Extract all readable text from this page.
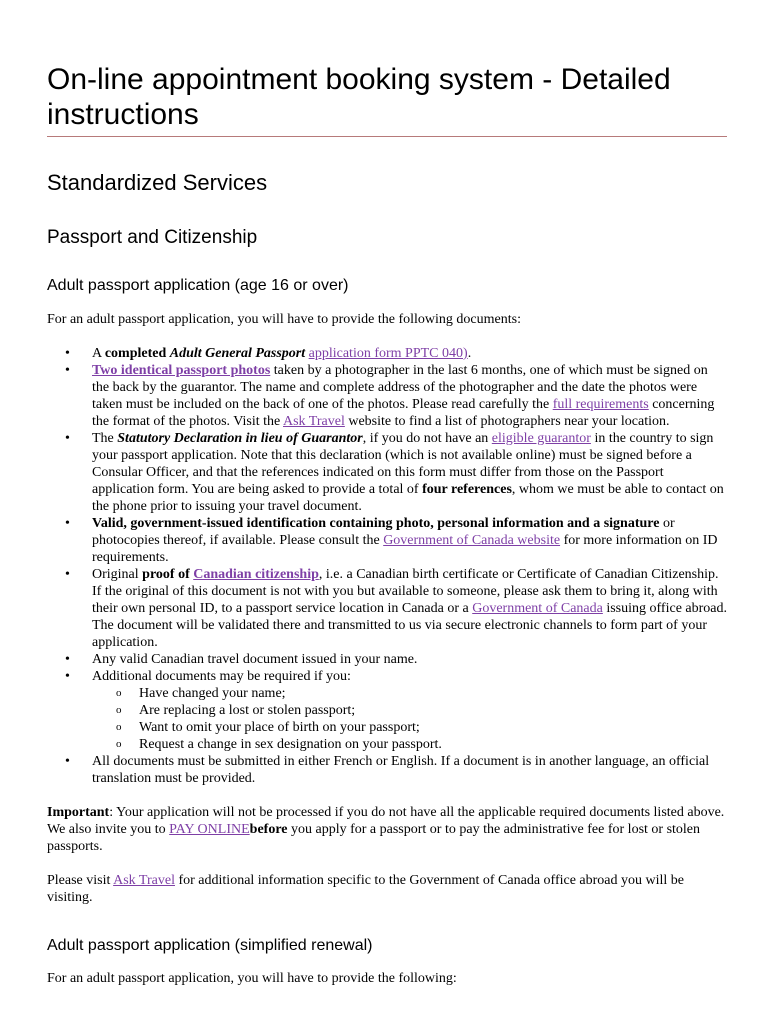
On-line appointment booking system - Detailed instructions
Standardized Services
Passport and Citizenship
Adult passport application (age 16 or over)

For an adult passport application, you will have to provide the following documents:

• A completed Adult General Passport application form PPTC 040).
• Two identical passport photos taken by a photographer in the last 6 months, one of which must be signed on the back by the guarantor. The name and complete address of the photographer and the date the photos were taken must be included on the back of one of the photos. Please read carefully the full requirements concerning the format of the photos. Visit the Ask Travel website to find a list of photographers near your location.
• The Statutory Declaration in lieu of Guarantor, if you do not have an eligible guarantor in the country to sign your passport application. Note that this declaration (which is not available online) must be signed before a Consular Officer, and that the references indicated on this form must differ from those on the Passport application form. You are being asked to provide a total of four references, whom we must be able to contact on the phone prior to issuing your travel document.
• Valid, government-issued identification containing photo, personal information and a signature or photocopies thereof, if available. Please consult the Government of Canada website for more information on ID requirements.
• Original proof of Canadian citizenship, i.e. a Canadian birth certificate or Certificate of Canadian Citizenship. If the original of this document is not with you but available to someone, please ask them to bring it, along with their own personal ID, to a passport service location in Canada or a Government of Canada issuing office abroad. The document will be validated there and transmitted to us via secure electronic channels to form part of your application.
• Any valid Canadian travel document issued in your name.
• Additional documents may be required if you:
o Have changed your name;
o Are replacing a lost or stolen passport;
o Want to omit your place of birth on your passport;
o Request a change in sex designation on your passport.
• All documents must be submitted in either French or English. If a document is in another language, an official translation must be provided.

Important: Your application will not be processed if you do not have all the applicable required documents listed above. We also invite you to PAY ONLINEbefore you apply for a passport or to pay the administrative fee for lost or stolen passports.

Please visit Ask Travel for additional information specific to the Government of Canada office abroad you will be visiting.

Adult passport application (simplified renewal)

For an adult passport application, you will have to provide the following:
